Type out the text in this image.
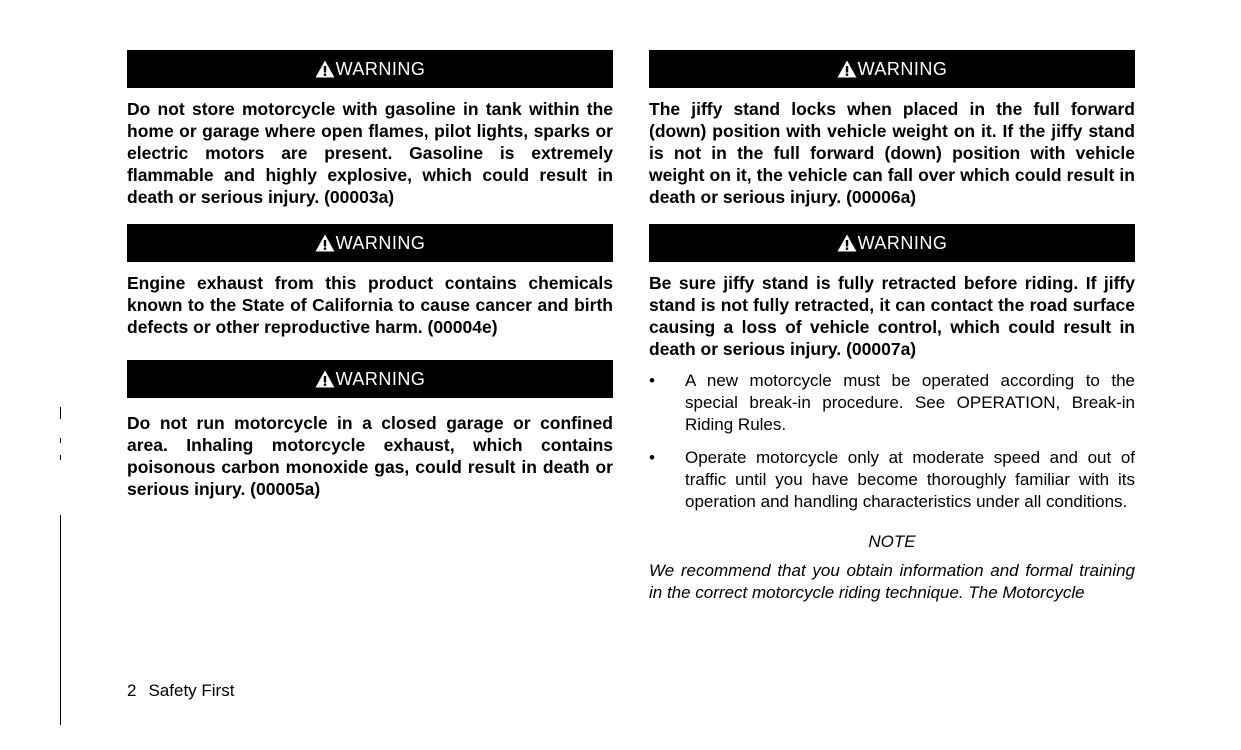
WARNING

Do not store motorcycle with gasoline in tank within the home or garage where open flames, pilot lights, sparks or electric motors are present. Gasoline is extremely flammable and highly explosive, which could result in death or serious injury. (00003a)

WARNING

Engine exhaust from this product contains chemicals known to the State of California to cause cancer and birth defects or other reproductive harm. (00004e)

WARNING

Do not run motorcycle in a closed garage or confined area. Inhaling motorcycle exhaust, which contains poisonous carbon monoxide gas, could result in death or serious injury. (00005a)

WARNING

The jiffy stand locks when placed in the full forward (down) position with vehicle weight on it. If the jiffy stand is not in the full forward (down) position with vehicle weight on it, the vehicle can fall over which could result in death or serious injury. (00006a)

WARNING

Be sure jiffy stand is fully retracted before riding. If jiffy stand is not fully retracted, it can contact the road surface causing a loss of vehicle control, which could result in death or serious injury. (00007a)

• A new motorcycle must be operated according to the special break-in procedure. See OPERATION, Break-in Riding Rules.
• Operate motorcycle only at moderate speed and out of traffic until you have become thoroughly familiar with its operation and handling characteristics under all conditions.
NOTE

We recommend that you obtain information and formal training in the correct motorcycle riding technique. The Motorcycle

2 Safety First
